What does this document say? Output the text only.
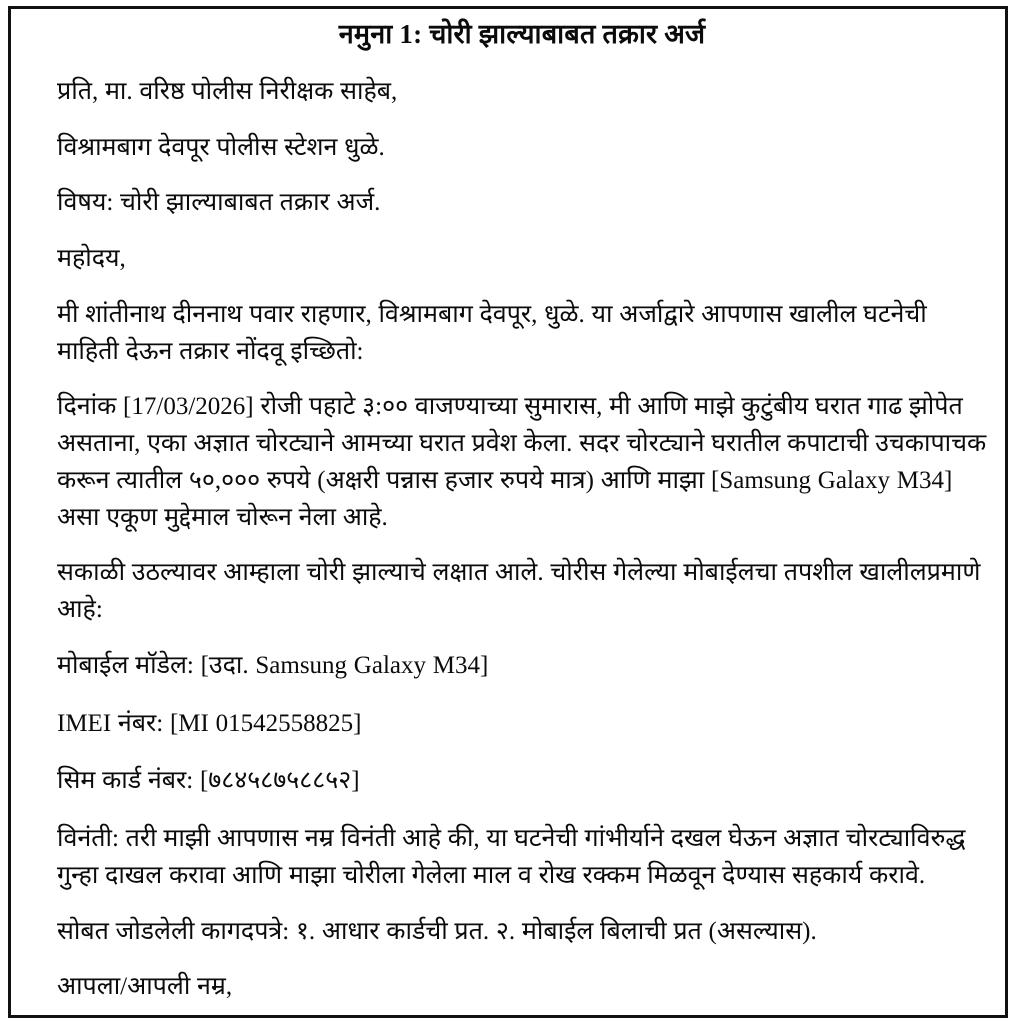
नमुना 1: चोरी झाल्याबाबत तक्रार अर्ज

प्रति, मा. वरिष्ठ पोलीस निरीक्षक साहेब,

विश्रामबाग देवपूर पोलीस स्टेशन धुळे.

विषय: चोरी झाल्याबाबत तक्रार अर्ज.

महोदय,

मी शांतीनाथ दीननाथ पवार राहणार, विश्रामबाग देवपूर, धुळे. या अर्जाद्वारे आपणास खालील घटनेची माहिती देऊन तक्रार नोंदवू इच्छितो:

दिनांक [17/03/2026] रोजी पहाटे ३:०० वाजण्याच्या सुमारास, मी आणि माझे कुटुंबीय घरात गाढ झोपेत असताना, एका अज्ञात चोरट्याने आमच्या घरात प्रवेश केला. सदर चोरट्याने घरातील कपाटाची उचकापाचक करून त्यातील ५०,००० रुपये (अक्षरी पन्नास हजार रुपये मात्र) आणि माझा [Samsung Galaxy M34] असा एकूण मुद्देमाल चोरून नेला आहे.

सकाळी उठल्यावर आम्हाला चोरी झाल्याचे लक्षात आले. चोरीस गेलेल्या मोबाईलचा तपशील खालीलप्रमाणे आहे:

मोबाईल मॉडेल: [उदा. Samsung Galaxy M34]

IMEI नंबर: [MI 01542558825]

सिम कार्ड नंबर: [७८४५८७५८८५२]

विनंती: तरी माझी आपणास नम्र विनंती आहे की, या घटनेची गांभीर्याने दखल घेऊन अज्ञात चोरट्याविरुद्ध गुन्हा दाखल करावा आणि माझा चोरीला गेलेला माल व रोख रक्कम मिळवून देण्यास सहकार्य करावे.

सोबत जोडलेली कागदपत्रे: १. आधार कार्डची प्रत. २. मोबाईल बिलाची प्रत (असल्यास).

आपला/आपली नम्र,
